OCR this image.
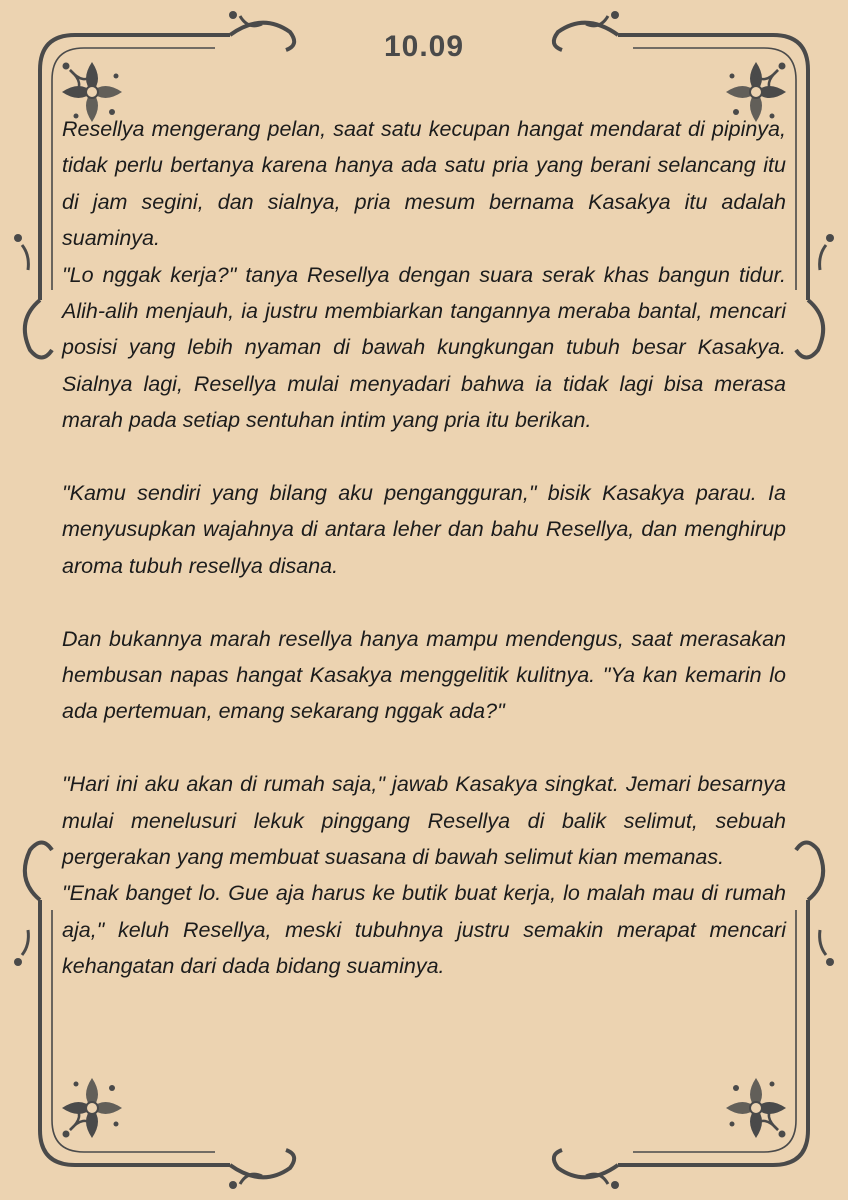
10.09

Resellya mengerang pelan, saat satu kecupan hangat mendarat di pipinya, tidak perlu bertanya karena hanya ada satu pria yang berani selancang itu di jam segini, dan sialnya, pria mesum bernama Kasakya itu adalah suaminya.

"Lo nggak kerja?" tanya Resellya dengan suara serak khas bangun tidur. Alih-alih menjauh, ia justru membiarkan tangannya meraba bantal, mencari posisi yang lebih nyaman di bawah kungkungan tubuh besar Kasakya. Sialnya lagi, Resellya mulai menyadari bahwa ia tidak lagi bisa merasa marah pada setiap sentuhan intim yang pria itu berikan.

"Kamu sendiri yang bilang aku pengangguran," bisik Kasakya parau. Ia menyusupkan wajahnya di antara leher dan bahu Resellya, dan menghirup aroma tubuh resellya disana.

Dan bukannya marah resellya hanya mampu mendengus, saat merasakan hembusan napas hangat Kasakya menggelitik kulitnya. "Ya kan kemarin lo ada pertemuan, emang sekarang nggak ada?"

"Hari ini aku akan di rumah saja," jawab Kasakya singkat. Jemari besarnya mulai menelusuri lekuk pinggang Resellya di balik selimut, sebuah pergerakan yang membuat suasana di bawah selimut kian memanas.

"Enak banget lo. Gue aja harus ke butik buat kerja, lo malah mau di rumah aja," keluh Resellya, meski tubuhnya justru semakin merapat mencari kehangatan dari dada bidang suaminya.
